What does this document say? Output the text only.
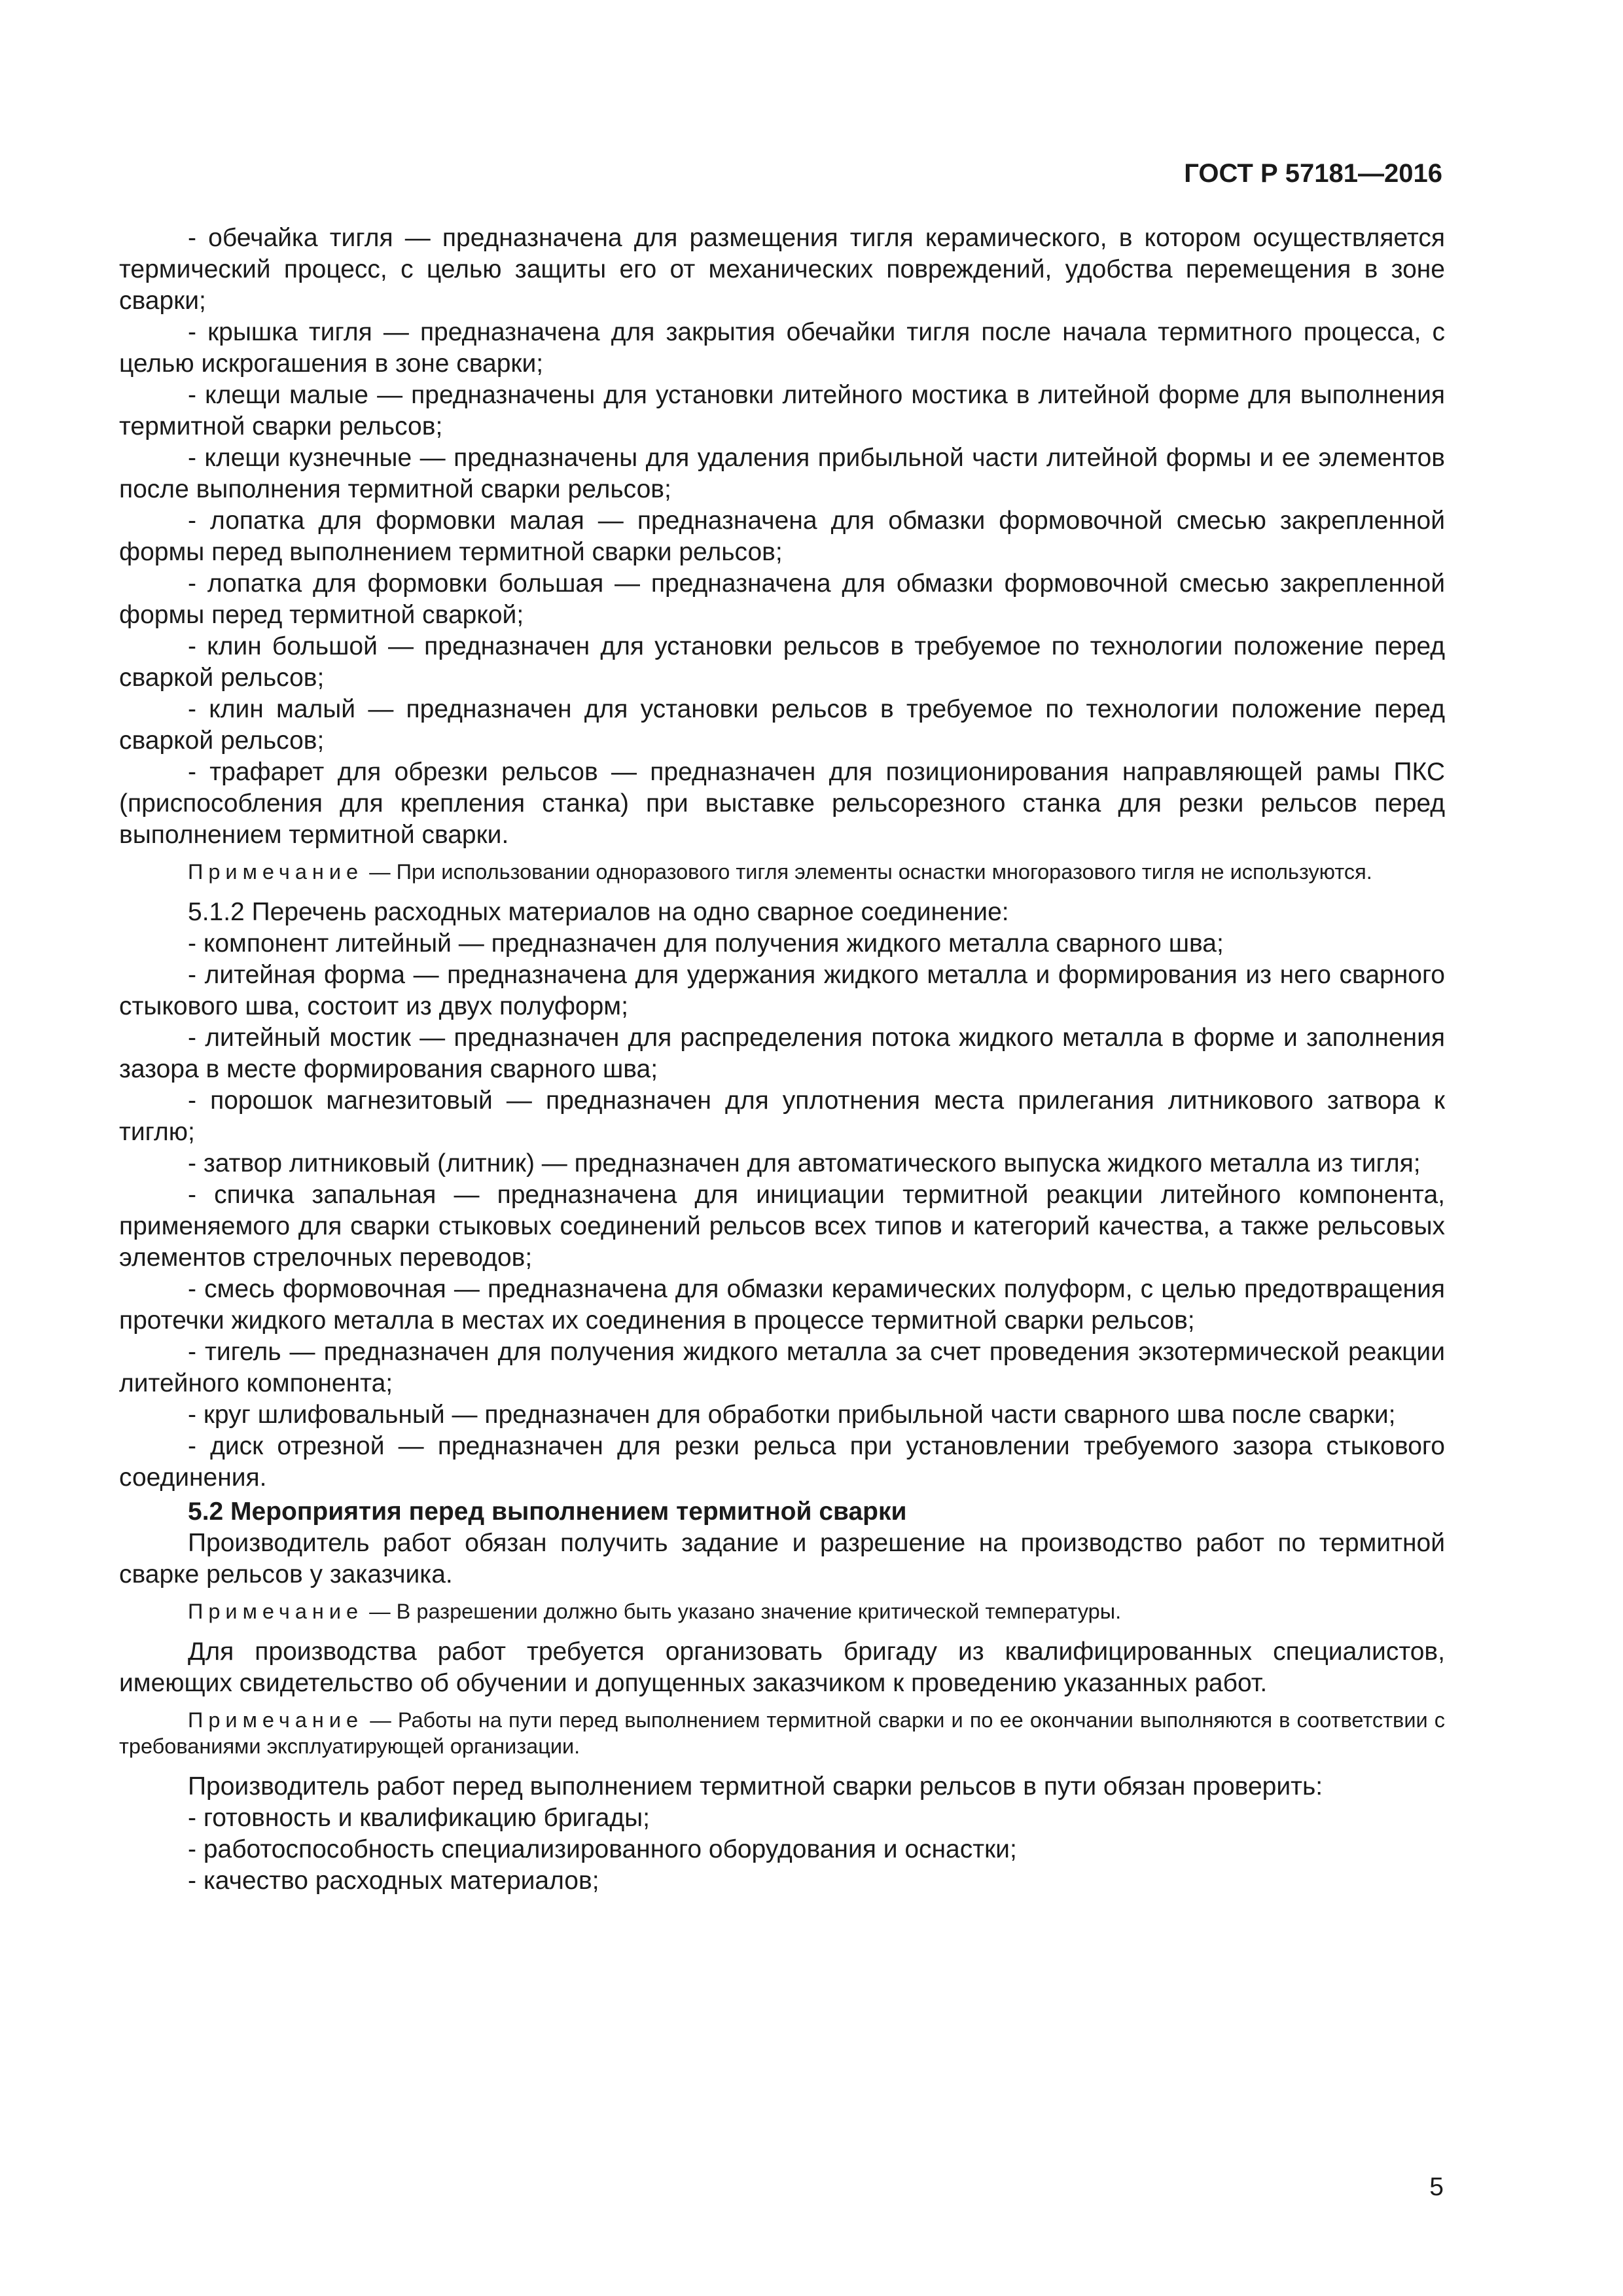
ГОСТ Р 57181—2016

- обечайка тигля — предназначена для размещения тигля керамического, в котором осуществляется термический процесс, с целью защиты его от механических повреждений, удобства перемещения в зоне сварки;

- крышка тигля — предназначена для закрытия обечайки тигля после начала термитного процесса, с целью искрогашения в зоне сварки;

- клещи малые — предназначены для установки литейного мостика в литейной форме для выполнения термитной сварки рельсов;

- клещи кузнечные — предназначены для удаления прибыльной части литейной формы и ее элементов после выполнения термитной сварки рельсов;

- лопатка для формовки малая — предназначена для обмазки формовочной смесью закрепленной формы перед выполнением термитной сварки рельсов;

- лопатка для формовки большая — предназначена для обмазки формовочной смесью закрепленной формы перед термитной сваркой;

- клин большой — предназначен для установки рельсов в требуемое по технологии положение перед сваркой рельсов;

- клин малый — предназначен для установки рельсов в требуемое по технологии положение перед сваркой рельсов;

- трафарет для обрезки рельсов — предназначен для позиционирования направляющей рамы ПКС (приспособления для крепления станка) при выставке рельсорезного станка для резки рельсов перед выполнением термитной сварки.

Примечание — При использовании одноразового тигля элементы оснастки многоразового тигля не используются.

5.1.2 Перечень расходных материалов на одно сварное соединение:

- компонент литейный — предназначен для получения жидкого металла сварного шва;

- литейная форма — предназначена для удержания жидкого металла и формирования из него сварного стыкового шва, состоит из двух полуформ;

- литейный мостик — предназначен для распределения потока жидкого металла в форме и заполнения зазора в месте формирования сварного шва;

- порошок магнезитовый — предназначен для уплотнения места прилегания литникового затвора к тиглю;

- затвор литниковый (литник) — предназначен для автоматического выпуска жидкого металла из тигля;

- спичка запальная — предназначена для инициации термитной реакции литейного компонента, применяемого для сварки стыковых соединений рельсов всех типов и категорий качества, а также рельсовых элементов стрелочных переводов;

- смесь формовочная — предназначена для обмазки керамических полуформ, с целью предотвращения протечки жидкого металла в местах их соединения в процессе термитной сварки рельсов;

- тигель — предназначен для получения жидкого металла за счет проведения экзотермической реакции литейного компонента;

- круг шлифовальный — предназначен для обработки прибыльной части сварного шва после сварки;

- диск отрезной — предназначен для резки рельса при установлении требуемого зазора стыкового соединения.

5.2 Мероприятия перед выполнением термитной сварки

Производитель работ обязан получить задание и разрешение на производство работ по термитной сварке рельсов у заказчика.

Примечание — В разрешении должно быть указано значение критической температуры.

Для производства работ требуется организовать бригаду из квалифицированных специалистов, имеющих свидетельство об обучении и допущенных заказчиком к проведению указанных работ.

Примечание — Работы на пути перед выполнением термитной сварки и по ее окончании выполняются в соответствии с требованиями эксплуатирующей организации.

Производитель работ перед выполнением термитной сварки рельсов в пути обязан проверить:

- готовность и квалификацию бригады;

- работоспособность специализированного оборудования и оснастки;

- качество расходных материалов;

5
